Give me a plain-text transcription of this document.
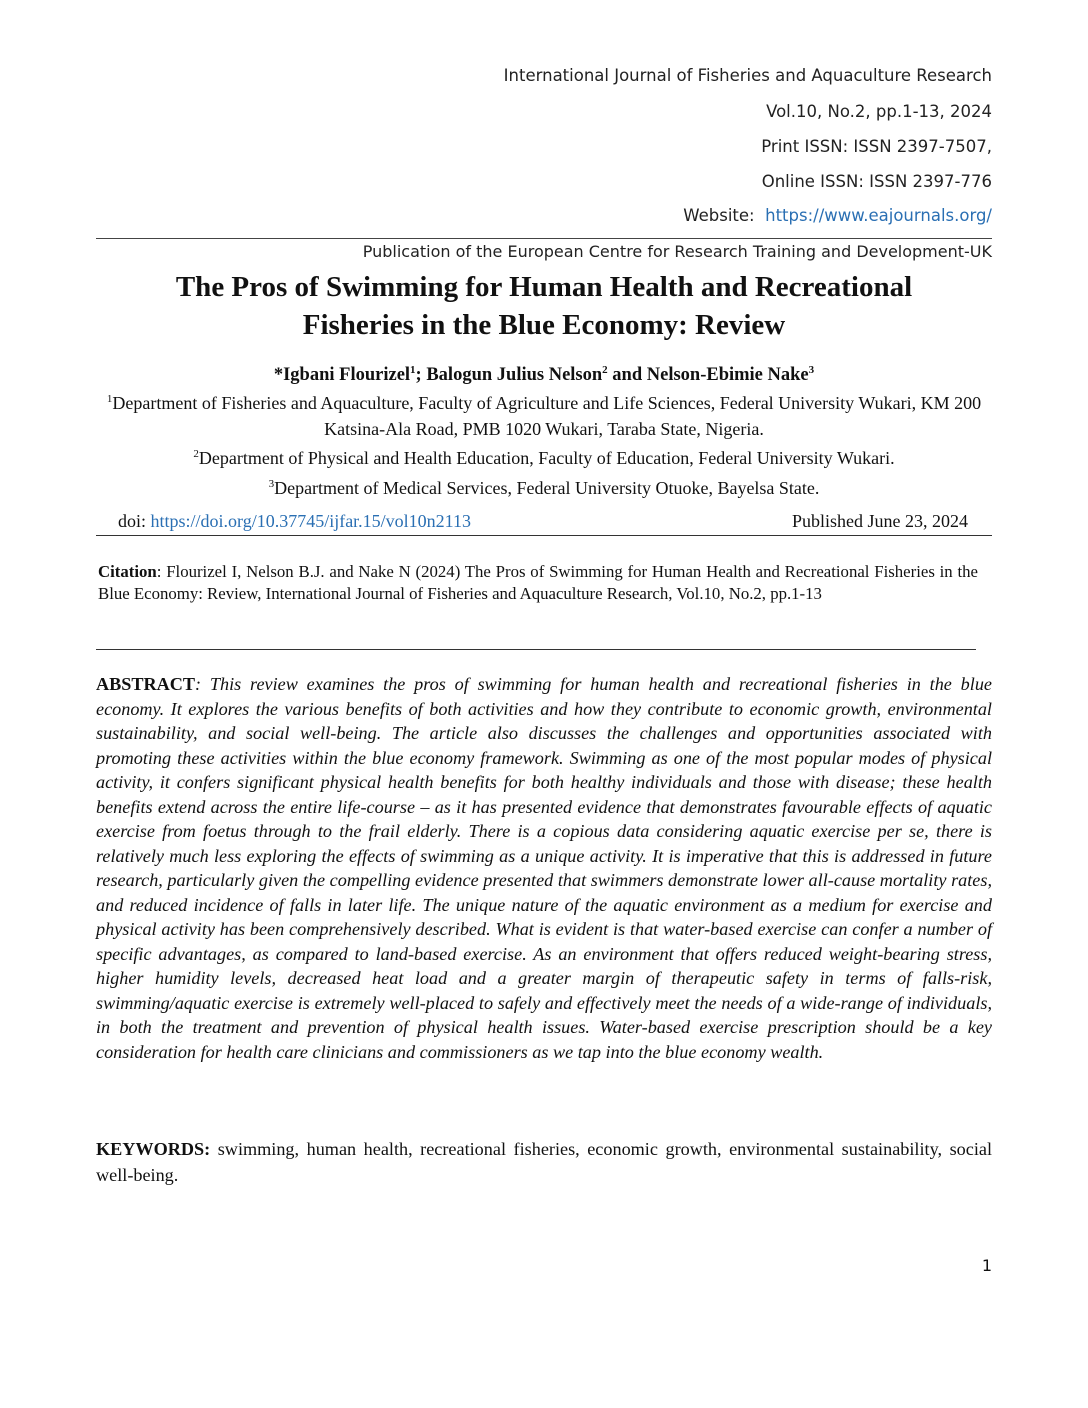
International Journal of Fisheries and Aquaculture Research
Vol.10, No.2, pp.1-13, 2024
Print ISSN: ISSN 2397-7507,
Online ISSN: ISSN 2397-776
Website: https://www.eajournals.org/
Publication of the European Centre for Research Training and Development-UK
The Pros of Swimming for Human Health and Recreational
Fisheries in the Blue Economy: Review
*Igbani Flourizel$^1$; Balogun Julius Nelson$^2$ and Nelson-Ebimie Nake$^3$
$^1$Department of Fisheries and Aquaculture, Faculty of Agriculture and Life Sciences, Federal University Wukari, KM 200 Katsina-Ala Road, PMB 1020 Wukari, Taraba State, Nigeria.
$^2$Department of Physical and Health Education, Faculty of Education, Federal University Wukari.
$^3$Department of Medical Services, Federal University Otuoke, Bayelsa State.
doi: https://doi.org/10.37745/ijfar.15/vol10n2113	Published June 23, 2024
Citation: Flourizel I, Nelson B.J. and Nake N (2024) The Pros of Swimming for Human Health and Recreational Fisheries in the Blue Economy: Review, International Journal of Fisheries and Aquaculture Research, Vol.10, No.2, pp.1-13
ABSTRACT: This review examines the pros of swimming for human health and recreational fisheries in the blue economy. It explores the various benefits of both activities and how they contribute to economic growth, environmental sustainability, and social well-being. The article also discusses the challenges and opportunities associated with promoting these activities within the blue economy framework. Swimming as one of the most popular modes of physical activity, it confers significant physical health benefits for both healthy individuals and those with disease; these health benefits extend across the entire life-course – as it has presented evidence that demonstrates favourable effects of aquatic exercise from foetus through to the frail elderly. There is a copious data considering aquatic exercise per se, there is relatively much less exploring the effects of swimming as a unique activity. It is imperative that this is addressed in future research, particularly given the compelling evidence presented that swimmers demonstrate lower all-cause mortality rates, and reduced incidence of falls in later life. The unique nature of the aquatic environment as a medium for exercise and physical activity has been comprehensively described. What is evident is that water-based exercise can confer a number of specific advantages, as compared to land-based exercise. As an environment that offers reduced weight-bearing stress, higher humidity levels, decreased heat load and a greater margin of therapeutic safety in terms of falls-risk, swimming/aquatic exercise is extremely well-placed to safely and effectively meet the needs of a wide-range of individuals, in both the treatment and prevention of physical health issues. Water-based exercise prescription should be a key consideration for health care clinicians and commissioners as we tap into the blue economy wealth.
KEYWORDS: swimming, human health, recreational fisheries, economic growth, environmental sustainability, social well-being.
1
